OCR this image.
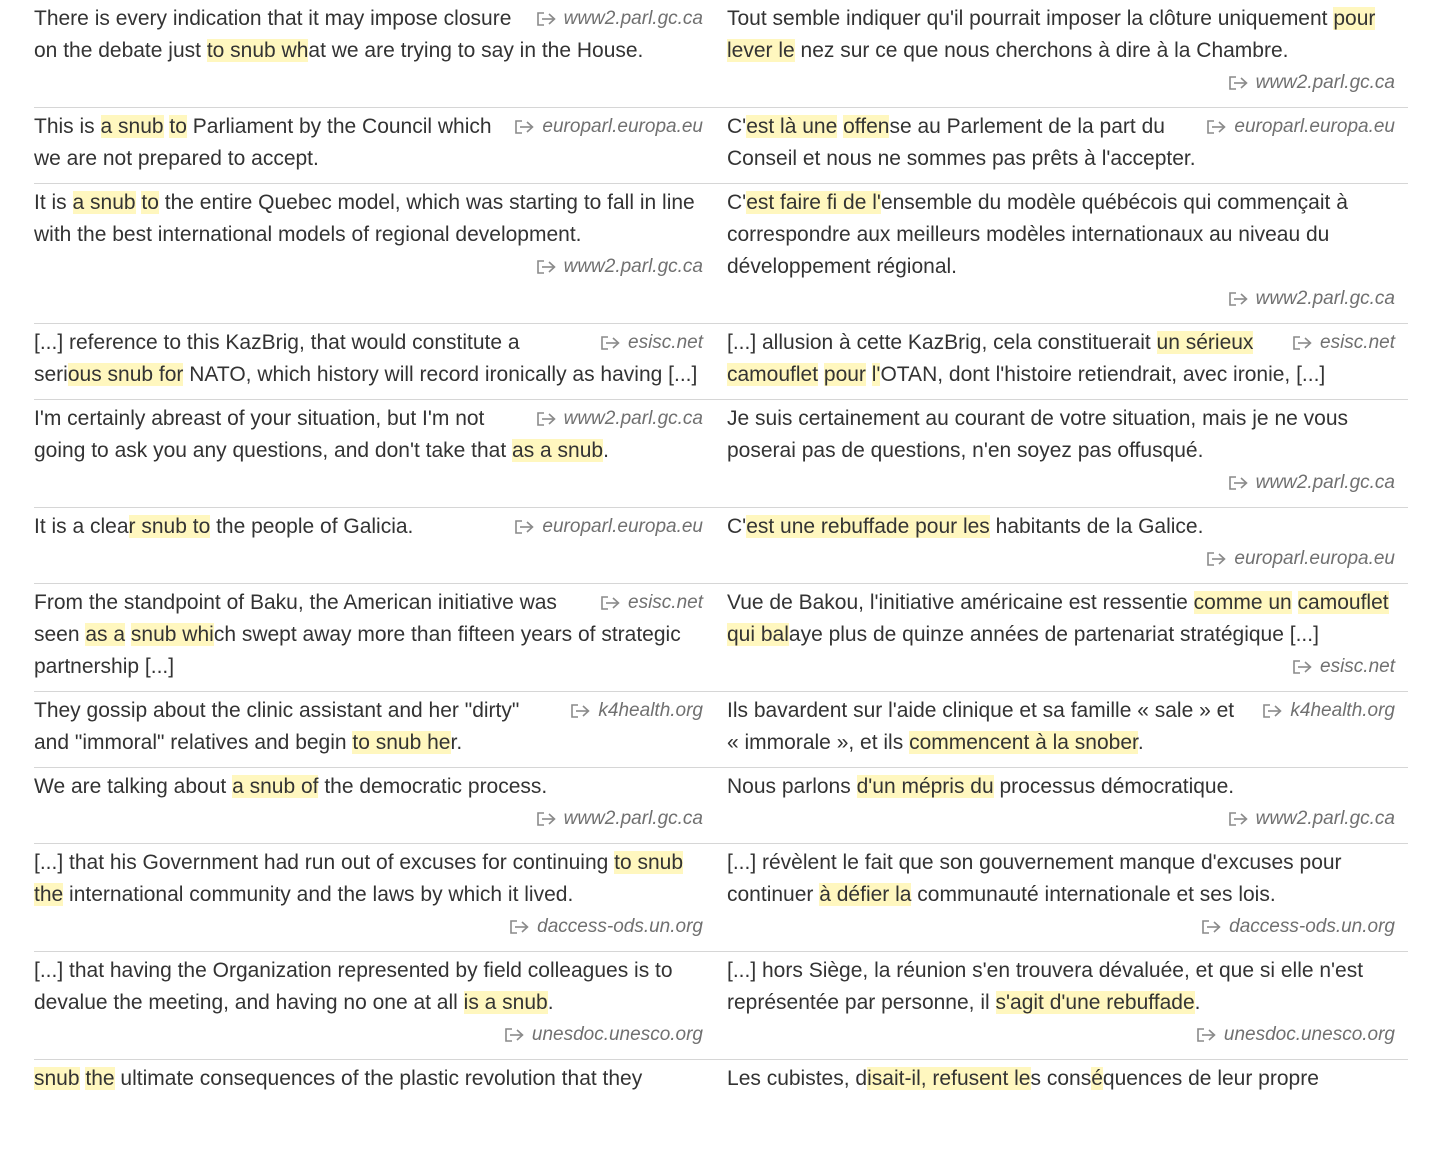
www2.parl.gc.ca
There is every indication that it may impose closure on the debate just to snub what we are trying to say in the House.
Tout semble indiquer qu'il pourrait imposer la clôture uniquement pour lever le nez sur ce que nous cherchons à dire à la Chambre.
www2.parl.gc.ca
europarl.europa.eu
This is a snub to Parliament by the Council which we are not prepared to accept.
europarl.europa.eu
C'est là une offense au Parlement de la part du Conseil et nous ne sommes pas prêts à l'accepter.
It is a snub to the entire Quebec model, which was starting to fall in line with the best international models of regional development.
www2.parl.gc.ca
C'est faire fi de l'ensemble du modèle québécois qui commençait à correspondre aux meilleurs modèles internationaux au niveau du développement régional.
www2.parl.gc.ca
esisc.net
[...] reference to this KazBrig, that would constitute a serious snub for NATO, which history will record ironically as having [...]
esisc.net
[...] allusion à cette KazBrig, cela constituerait un sérieux camouflet pour l'OTAN, dont l'histoire retiendrait, avec ironie, [...]
www2.parl.gc.ca
I'm certainly abreast of your situation, but I'm not going to ask you any questions, and don't take that as a snub.
Je suis certainement au courant de votre situation, mais je ne vous poserai pas de questions, n'en soyez pas offusqué.
www2.parl.gc.ca
europarl.europa.eu
It is a clear snub to the people of Galicia.	C'est une rebuffade pour les habitants de la Galice.
europarl.europa.eu
esisc.net
From the standpoint of Baku, the American initiative was seen as a snub which swept away more than fifteen years of strategic partnership [...]
Vue de Bakou, l'initiative américaine est ressentie comme un camouflet qui balaye plus de quinze années de partenariat stratégique [...]
esisc.net
k4health.org
They gossip about the clinic assistant and her "dirty" and "immoral" relatives and begin to snub her.
k4health.org
Ils bavardent sur l'aide clinique et sa famille « sale » et « immorale », et ils commencent à la snober.
We are talking about a snub of the democratic process.
www2.parl.gc.ca
Nous parlons d'un mépris du processus démocratique.
www2.parl.gc.ca
[...] that his Government had run out of excuses for continuing to snub the international community and the laws by which it lived.
daccess-ods.un.org
[...] révèlent le fait que son gouvernement manque d'excuses pour continuer à défier la communauté internationale et ses lois.
daccess-ods.un.org
[...] that having the Organization represented by field colleagues is to devalue the meeting, and having no one at all is a snub.
unesdoc.unesco.org
[...] hors Siège, la réunion s'en trouvera dévaluée, et que si elle n'est représentée par personne, il s'agit d'une rebuffade.
unesdoc.unesco.org
snub the ultimate consequences of the plastic revolution that they	Les cubistes, disait-il, refusent les conséquences de leur propre
